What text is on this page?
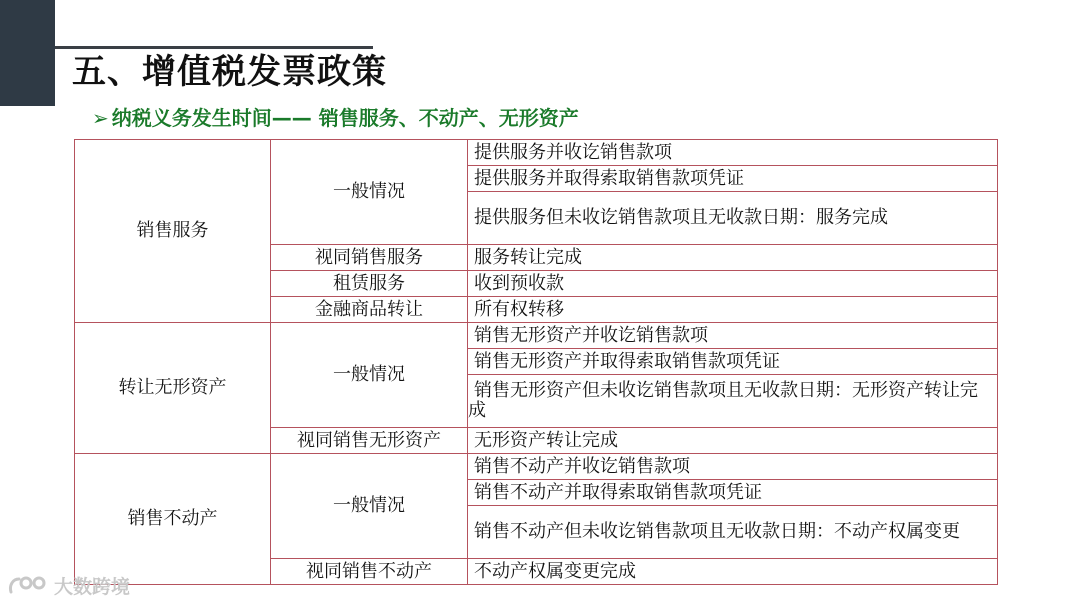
五、增值税发票政策
➢ 纳税义务发生时间—— 销售服务、不动产、无形资产
销售服务	一般情况	提供服务并收讫销售款项
		提供服务并取得索取销售款项凭证
		提供服务但未收讫销售款项且无收款日期：服务完成
	视同销售服务	服务转让完成
	租赁服务	收到预收款
	金融商品转让	所有权转移
转让无形资产	一般情况	销售无形资产并收讫销售款项
		销售无形资产并取得索取销售款项凭证
		销售无形资产但未收讫销售款项且无收款日期：无形资产转让完成
	视同销售无形资产	无形资产转让完成
销售不动产	一般情况	销售不动产并收讫销售款项
		销售不动产并取得索取销售款项凭证
		销售不动产但未收讫销售款项且无收款日期：不动产权属变更
	视同销售不动产	不动产权属变更完成
大数跨境
